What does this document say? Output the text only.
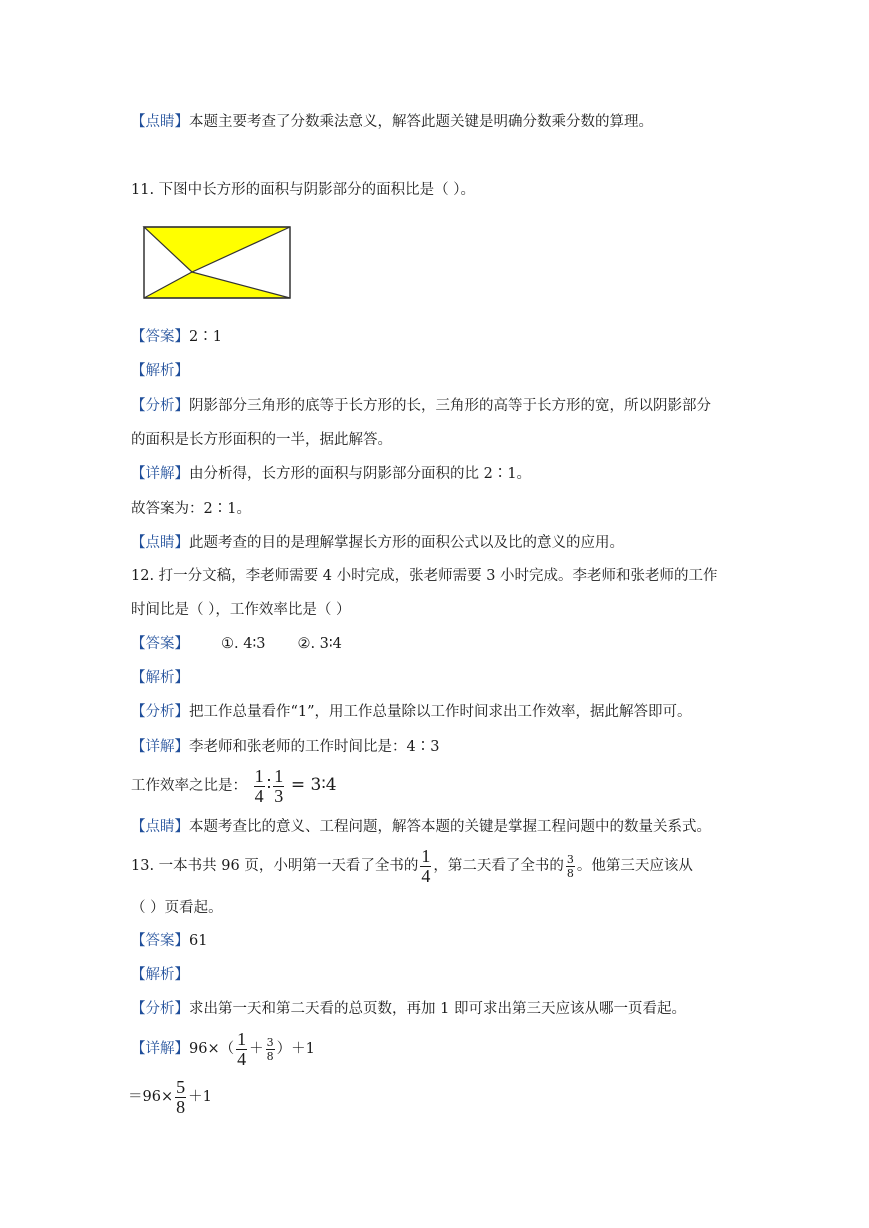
【点睛】本题主要考查了分数乘法意义，解答此题关键是明确分数乘分数的算理。
11. 下图中长方形的面积与阴影部分的面积比是（ ）。
【答案】2∶1
【解析】
【分析】阴影部分三角形的底等于长方形的长，三角形的高等于长方形的宽，所以阴影部分
的面积是长方形面积的一半，据此解答。
【详解】由分析得，长方形的面积与阴影部分面积的比 2∶1。
故答案为：2∶1。
【点睛】此题考查的目的是理解掌握长方形的面积公式以及比的意义的应用。
12. 打一分文稿，李老师需要 4 小时完成，张老师需要 3 小时完成。李老师和张老师的工作
时间比是（ ），工作效率比是（ ）
【答案】 ①. 4∶3 ②. 3∶4
【解析】
【分析】把工作总量看作“1”，用工作总量除以工作时间求出工作效率，据此解答即可。
【详解】李老师和张老师的工作时间比是：4∶3
工作效率之比是： $\frac{1}{4}$ ∶ $\frac{1}{3}$ = 3∶4
【点睛】本题考查比的意义、工程问题，解答本题的关键是掌握工程问题中的数量关系式。
13. 一本书共 96 页，小明第一天看了全书的 $\frac{1}{4}$ ，第二天看了全书的 $\frac{3}{8}$ 。他第三天应该从
（ ）页看起。
【答案】61
【解析】
【分析】求出第一天和第二天看的总页数，再加 1 即可求出第三天应该从哪一页看起。
【详解】$96\times( \frac{1}{4} + \frac{3}{8} )+1$
$=96\times \frac{5}{8} +1$
